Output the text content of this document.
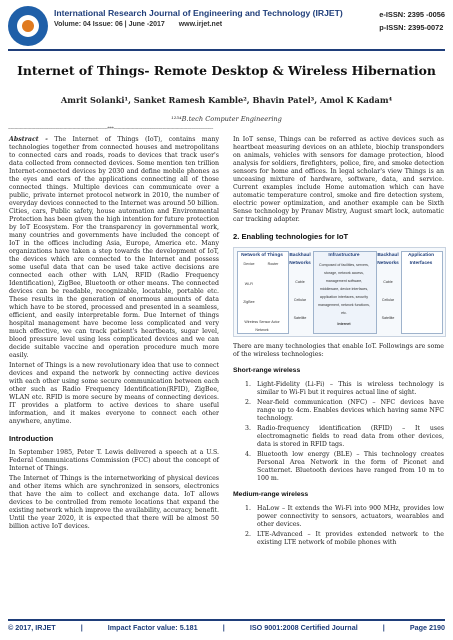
International Research Journal of Engineering and Technology (IRJET)
Volume: 04 Issue: 06 | June -2017 www.irjet.net
e-ISSN: 2395 -0056
p-ISSN: 2395-0072
Internet of Things- Remote Desktop & Wireless Hibernation
Amrit Solanki¹, Sanket Ramesh Kamble², Bhavin Patel³, Amol K Kadam⁴
¹²³⁴B.tech Computer Engineering
-----------------------------------------------------------------------------***-----------------------------------------------------------------------------

Abstract - The Internet of Things (IoT), contains many technologies together from connected houses and metropolitans to connected cars and roads, roads to devices that track user's data collected from connected devices. Some mention ten trillion Internet-connected devices by 2030 and define mobile phones as the eyes and ears of the applications connecting all of those connected things. Multiple devices can communicate over a public, private internet protocol network in 2010, the number of everyday devices connected to the Internet was around 50 billion. Cities, cars, Public safety, house automation and Environmental Protection has been given the high intention for future protection by IoT Ecosystem. For the transparency in governmental work, many countries and governments have included the concept of IoT in the offices including Asia, Europe, America etc. Many organizations have taken a step towards the development of IoT, the devices which are connected to the Internet and possess some useful data that can be used take active decisions are connected each other with LAN, RFID (Radio Frequency Identification), ZigBee, Bluetooth or other means. The connected devices can be readable, recognizable, locatable, portable etc. These results in the generation of enormous amounts of data which have to be stored, processed and presented in a seamless, efficient, and easily interpretable form. Due Internet of things hospital management have become less complicated and very much effective, we can track patient's heartbeats, sugar level, blood pressure level using less complicated devices and we can decide suitable vaccine and operation procedure much more easily.

Internet of Things is a new revolutionary idea that use to connect devices and expand the network by connecting active devices with each other using some secure communication between each other such as Radio Frequency Identification(RFID), ZigBee, WLAN etc. RFID is more secure by means of connecting devices. IT provides a platform to active devices to share useful information, and it makes everyone to connect each other anywhere, anytime.

Introduction

In September 1985, Peter T. Lewis delivered a speech at a U.S. Federal Communications Commission (FCC) about the concept of Internet of Things.

The Internet of Things is the internetworking of physical devices and other items which are synchronized in sensors, electronics that have the aim to collect and exchange data. IoT allows devices to be controlled from remote locations that expand the existing network which improve the availability, accuracy, benefit. Until the year 2020, it is expected that there will be almost 50 billion active IoT devices.

In IoT sense, Things can be referred as active devices such as heartbeat measuring devices on an athlete, biochip transponders on animals, vehicles with sensors for damage protection, blood analysis for soldiers, firefighters, police, fire, and smoke detection sensors for home and offices. In legal scholar's view Things is an unceasing mixture of hardware, software, data, and service. Current examples include Home automation which can have automatic temperature control, smoke and fire detection system, electric power optimization, and another example can be Sixth Sense technology by Pranav Mistry, August smart lock, automatic car tracking adapter.

2. Enabling technologies for IoT
Network of Things
Device	Router
Wi-Fi
ZigBee
Wireless Sensor Actor Network
Backhaul Networks
Cable
Cellular
Satellite
Infrastructure
Composed of facilities, servers, storage, network access, management software, middleware, device interfaces, application interfaces, security management, network functions, etc.
Internet
Backhaul Networks
Cable
Cellular
Satellite
Application Interfaces

There are many technologies that enable IoT. Followings are some of the wireless technologies:

Short-range wireless
1. Light-Fidelity (Li-Fi) – This is wireless technology is similar to Wi-Fi but it requires actual line of sight.
2. Near-field communication (NFC) – NFC devices have range up to 4cm. Enables devices which having same NFC technology.
3. Radio-frequency identification (RFID) – It uses electromagnetic fields to read data from other devices, data is stored in RFID tags.
4. Bluetooth low energy (BLE) – This technology creates Personal Area Network in the form of Piconet and Scatternet. Bluetooth devices have ranged from 10 m to 100 m.
Medium-range wireless
1. HaLow – It extends the Wi-Fi into 900 MHz, provides low power connectivity to sensors, actuators, wearables and other devices.
2. LTE-Advanced – It provides extended network to the existing LTE network of mobile phones with
© 2017, IRJET	|	Impact Factor value: 5.181	|	ISO 9001:2008 Certified Journal	|	Page 2190
